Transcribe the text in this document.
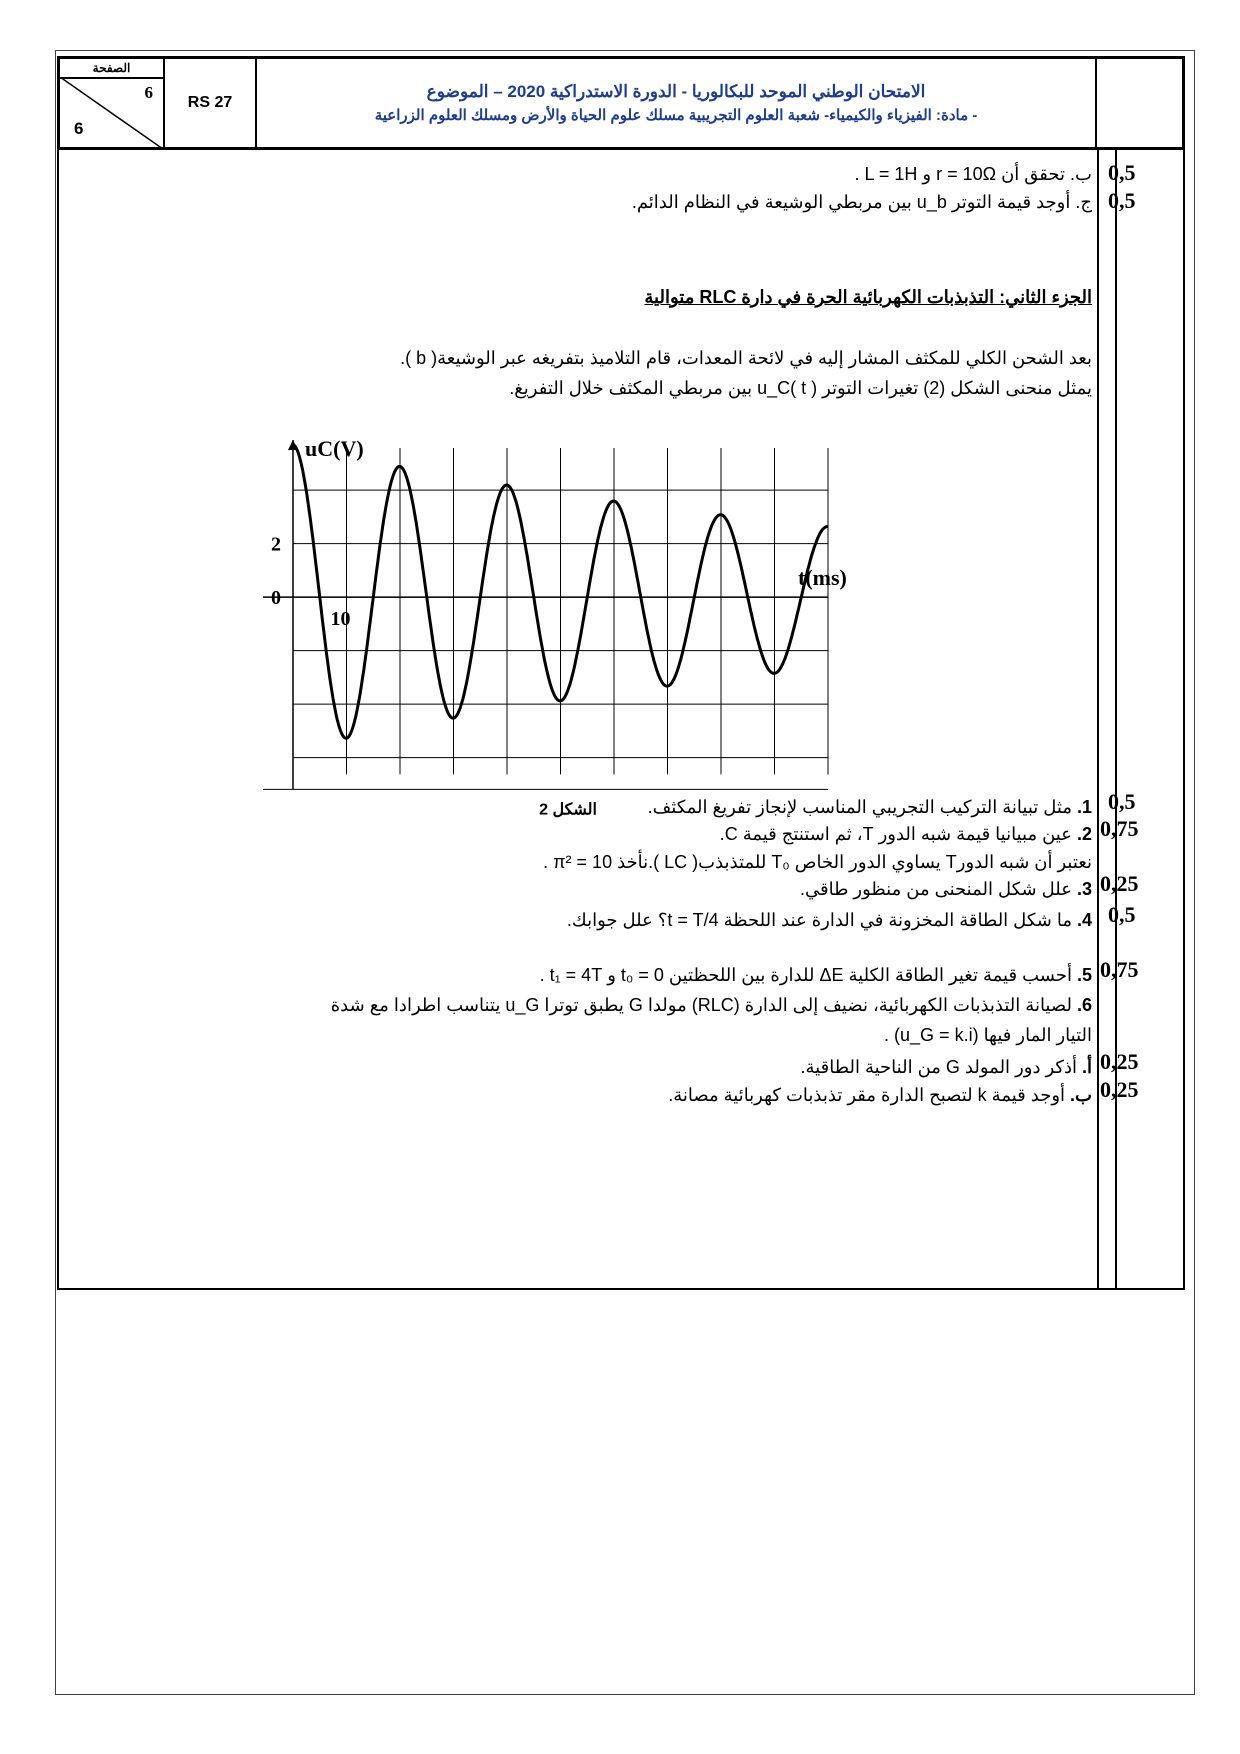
الصفحة
6
6
RS 27
الامتحان الوطني الموحد للبكالوريا - الدورة الاستدراكية 2020 – الموضوع
- مادة: الفيزياء والكيمياء- شعبة العلوم التجريبية مسلك علوم الحياة والأرض ومسلك العلوم الزراعية
0,5
ب. تحقق أن r = 10Ω و L = 1H .
0,5
ج. أوجد قيمة التوتر u_b بين مربطي الوشيعة في النظام الدائم.
الجزء الثاني: التذبذبات الكهربائية الحرة في دارة RLC متوالية
بعد الشحن الكلي للمكثف المشار إليه في لائحة المعدات، قام التلاميذ بتفريغه عبر الوشيعة( b ).
يمثل منحنى الشكل (2) تغيرات التوتر u_C( t ) بين مربطي المكثف خلال التفريغ.
uC(V)
t(ms)
2
0
10
الشكل 2	0,5
1. مثل تبيانة التركيب التجريبي المناسب لإنجاز تفريغ المكثف.
0,75
2. عين مبيانيا قيمة شبه الدور T، ثم استنتج قيمة C.
نعتبر أن شبه الدورT يساوي الدور الخاص T₀ للمتذبذب( LC ).نأخذ π² = 10 .
0,25
3. علل شكل المنحنى من منظور طاقي.
0,5
4. ما شكل الطاقة المخزونة في الدارة عند اللحظة t = T/4؟ علل جوابك.
0,75
5. أحسب قيمة تغير الطاقة الكلية ΔE للدارة بين اللحظتين t₀ = 0 و t₁ = 4T .
6. لصيانة التذبذبات الكهربائية، نضيف إلى الدارة (RLC) مولدا G يطبق توترا u_G يتناسب اطرادا مع شدة
التيار المار فيها (u_G = k.i) .
0,25
أ. أذكر دور المولد G من الناحية الطاقية.
0,25
ب. أوجد قيمة k لتصبح الدارة مقر تذبذبات كهربائية مصانة.
